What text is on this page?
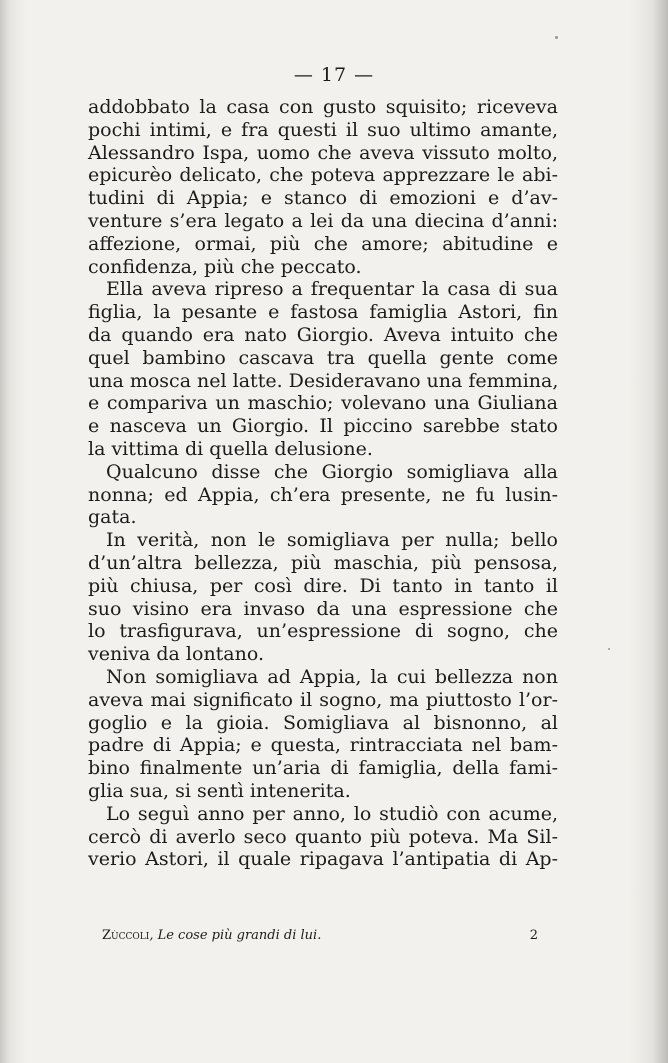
— 17 —
addobbato la casa con gusto squisito; riceveva
pochi intimi, e fra questi il suo ultimo amante,
Alessandro Ispa, uomo che aveva vissuto molto,
epicurèo delicato, che poteva apprezzare le abi-
tudini di Appia; e stanco di emozioni e d’av-
venture s’era legato a lei da una diecina d’anni:
affezione, ormai, più che amore; abitudine e
confidenza, più che peccato.
Ella aveva ripreso a frequentar la casa di sua
figlia, la pesante e fastosa famiglia Astori, fin
da quando era nato Giorgio. Aveva intuito che
quel bambino cascava tra quella gente come
una mosca nel latte. Desideravano una femmina,
e compariva un maschio; volevano una Giuliana
e nasceva un Giorgio. Il piccino sarebbe stato
la vittima di quella delusione.
Qualcuno disse che Giorgio somigliava alla
nonna; ed Appia, ch’era presente, ne fu lusin-
gata.
In verità, non le somigliava per nulla; bello
d’un’altra bellezza, più maschia, più pensosa,
più chiusa, per così dire. Di tanto in tanto il
suo visino era invaso da una espressione che
lo trasfigurava, un’espressione di sogno, che
veniva da lontano.
Non somigliava ad Appia, la cui bellezza non
aveva mai significato il sogno, ma piuttosto l’or-
goglio e la gioia. Somigliava al bisnonno, al
padre di Appia; e questa, rintracciata nel bam-
bino finalmente un’aria di famiglia, della fami-
glia sua, si sentì intenerita.
Lo seguì anno per anno, lo studiò con acume,
cercò di averlo seco quanto più poteva. Ma Sil-
verio Astori, il quale ripagava l’antipatia di Ap-
Zùccoli, Le cose più grandi di lui.	2
